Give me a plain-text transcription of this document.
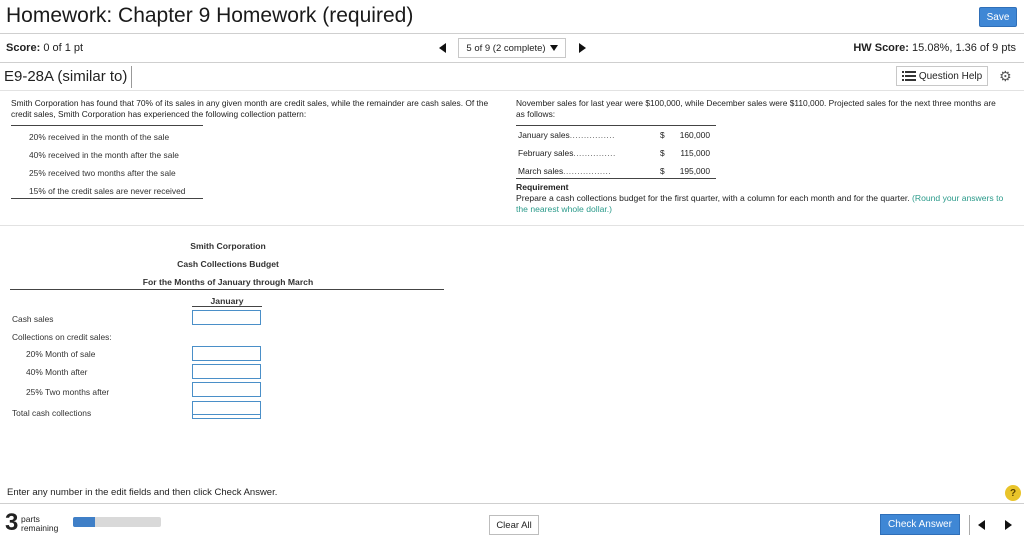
Homework: Chapter 9 Homework (required)	Save
Score: 0 of 1 pt	5 of 9 (2 complete)	HW Score: 15.08%, 1.36 of 9 pts
E9-28A (similar to)	Question Help ⚙
Smith Corporation has found that 70% of its sales in any given month are credit sales, while the remainder are cash sales. Of the credit sales, Smith Corporation has experienced the following collection pattern:
20% received in the month of the sale
40% received in the month after the sale
25% received two months after the sale
15% of the credit sales are never received
November sales for last year were $100,000, while December sales were $110,000. Projected sales for the next three months are as follows:
January sales................	$ 160,000
February sales...............	$ 115,000
March sales.................	$ 195,000
Requirement
Prepare a cash collections budget for the first quarter, with a column for each month and for the quarter. (Round your answers to the nearest whole dollar.)
Smith Corporation
Cash Collections Budget
For the Months of January through March
January
Cash sales
Collections on credit sales:
20% Month of sale
40% Month after
25% Two months after
Total cash collections
Enter any number in the edit fields and then click Check Answer.	?
3 parts
remaining	Clear All	Check Answer
